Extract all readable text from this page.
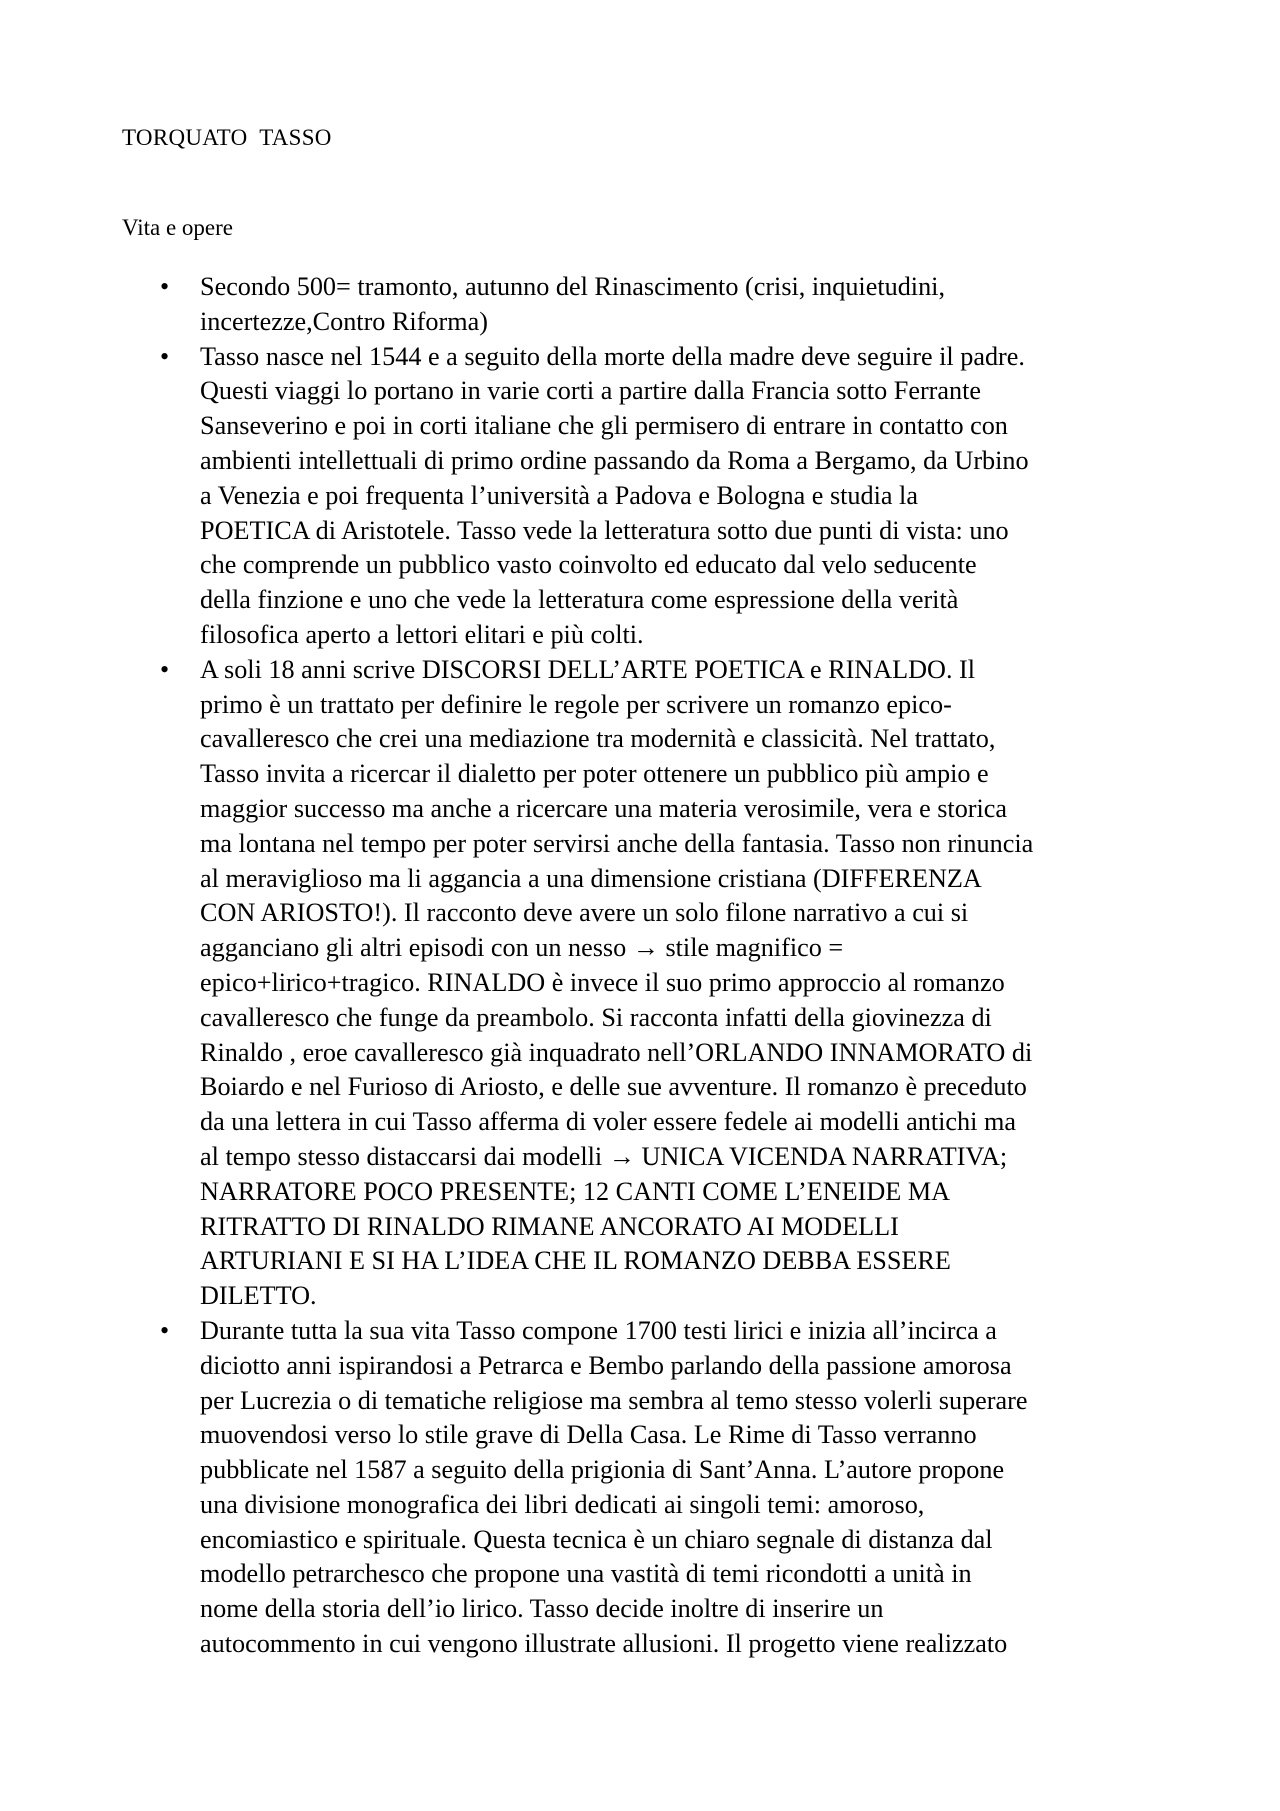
TORQUATO  TASSO
Vita e opere
• Secondo 500= tramonto, autunno del Rinascimento (crisi, inquietudini,
incertezze,Contro Riforma)
• Tasso nasce nel 1544 e a seguito della morte della madre deve seguire il padre.
Questi viaggi lo portano in varie corti a partire dalla Francia sotto Ferrante
Sanseverino e poi in corti italiane che gli permisero di entrare in contatto con
ambienti intellettuali di primo ordine passando da Roma a Bergamo, da Urbino
a Venezia e poi frequenta l’università a Padova e Bologna e studia la
POETICA di Aristotele. Tasso vede la letteratura sotto due punti di vista: uno
che comprende un pubblico vasto coinvolto ed educato dal velo seducente
della finzione e uno che vede la letteratura come espressione della verità
filosofica aperto a lettori elitari e più colti.
• A soli 18 anni scrive DISCORSI DELL’ARTE POETICA e RINALDO. Il
primo è un trattato per definire le regole per scrivere un romanzo epico-
cavalleresco che crei una mediazione tra modernità e classicità. Nel trattato,
Tasso invita a ricercar il dialetto per poter ottenere un pubblico più ampio e
maggior successo ma anche a ricercare una materia verosimile, vera e storica
ma lontana nel tempo per poter servirsi anche della fantasia. Tasso non rinuncia
al meraviglioso ma li aggancia a una dimensione cristiana (DIFFERENZA
CON ARIOSTO!). Il racconto deve avere un solo filone narrativo a cui si
agganciano gli altri episodi con un nesso → stile magnifico =
epico+lirico+tragico. RINALDO è invece il suo primo approccio al romanzo
cavalleresco che funge da preambolo. Si racconta infatti della giovinezza di
Rinaldo , eroe cavalleresco già inquadrato nell’ORLANDO INNAMORATO di
Boiardo e nel Furioso di Ariosto, e delle sue avventure. Il romanzo è preceduto
da una lettera in cui Tasso afferma di voler essere fedele ai modelli antichi ma
al tempo stesso distaccarsi dai modelli → UNICA VICENDA NARRATIVA;
NARRATORE POCO PRESENTE; 12 CANTI COME L’ENEIDE MA
RITRATTO DI RINALDO RIMANE ANCORATO AI MODELLI
ARTURIANI E SI HA L’IDEA CHE IL ROMANZO DEBBA ESSERE
DILETTO.
• Durante tutta la sua vita Tasso compone 1700 testi lirici e inizia all’incirca a
diciotto anni ispirandosi a Petrarca e Bembo parlando della passione amorosa
per Lucrezia o di tematiche religiose ma sembra al temo stesso volerli superare
muovendosi verso lo stile grave di Della Casa. Le Rime di Tasso verranno
pubblicate nel 1587 a seguito della prigionia di Sant’Anna. L’autore propone
una divisione monografica dei libri dedicati ai singoli temi: amoroso,
encomiastico e spirituale. Questa tecnica è un chiaro segnale di distanza dal
modello petrarchesco che propone una vastità di temi ricondotti a unità in
nome della storia dell’io lirico. Tasso decide inoltre di inserire un
autocommento in cui vengono illustrate allusioni. Il progetto viene realizzato
